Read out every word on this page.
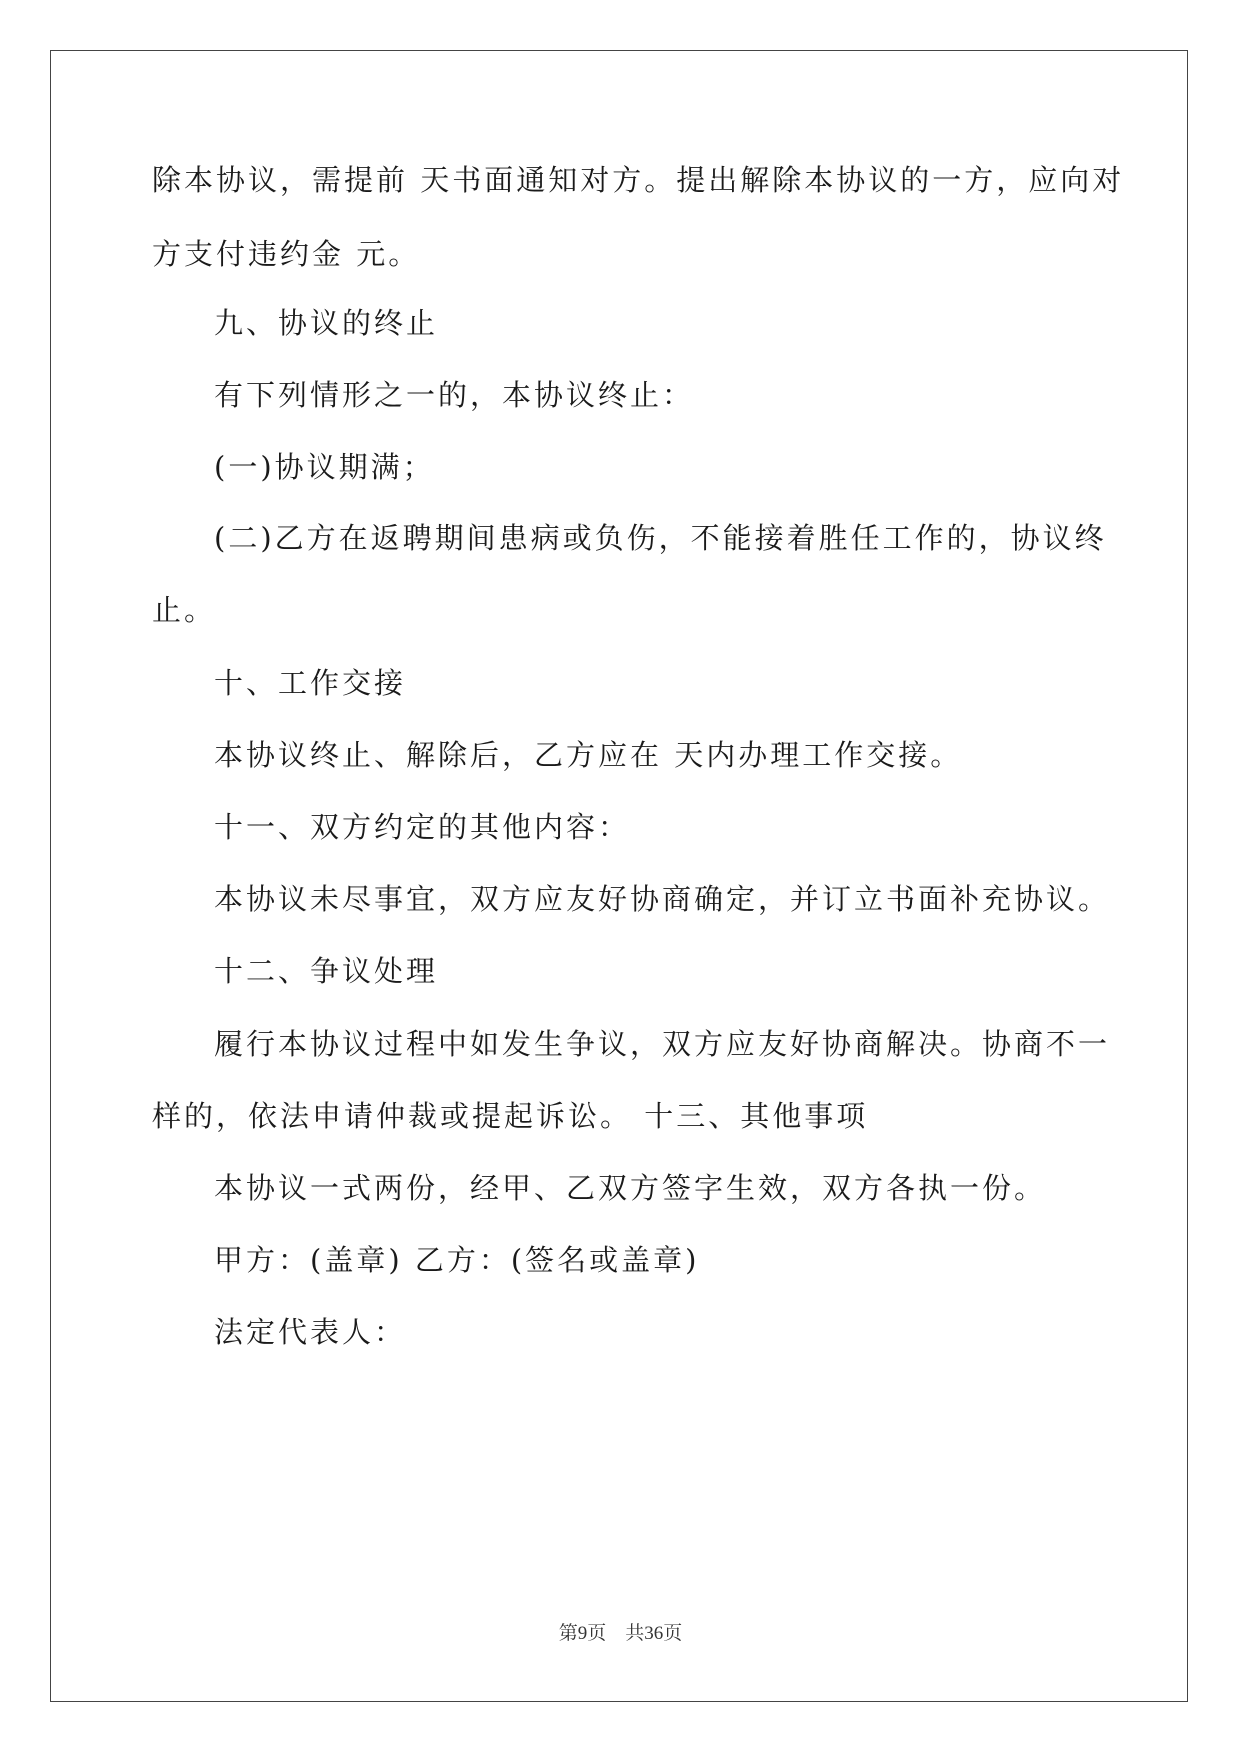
除本协议，需提前 天书面通知对方。提出解除本协议的一方，应向对
方支付违约金 元。
九、协议的终止
有下列情形之一的，本协议终止：
(一)协议期满；
(二)乙方在返聘期间患病或负伤，不能接着胜任工作的，协议终
止。
十、工作交接
本协议终止、解除后，乙方应在 天内办理工作交接。
十一、双方约定的其他内容：
本协议未尽事宜，双方应友好协商确定，并订立书面补充协议。
十二、争议处理
履行本协议过程中如发生争议，双方应友好协商解决。协商不一
样的，依法申请仲裁或提起诉讼。 十三、其他事项
本协议一式两份，经甲、乙双方签字生效，双方各执一份。
甲方：(盖章) 乙方：(签名或盖章)
法定代表人：
第9页    共36页
